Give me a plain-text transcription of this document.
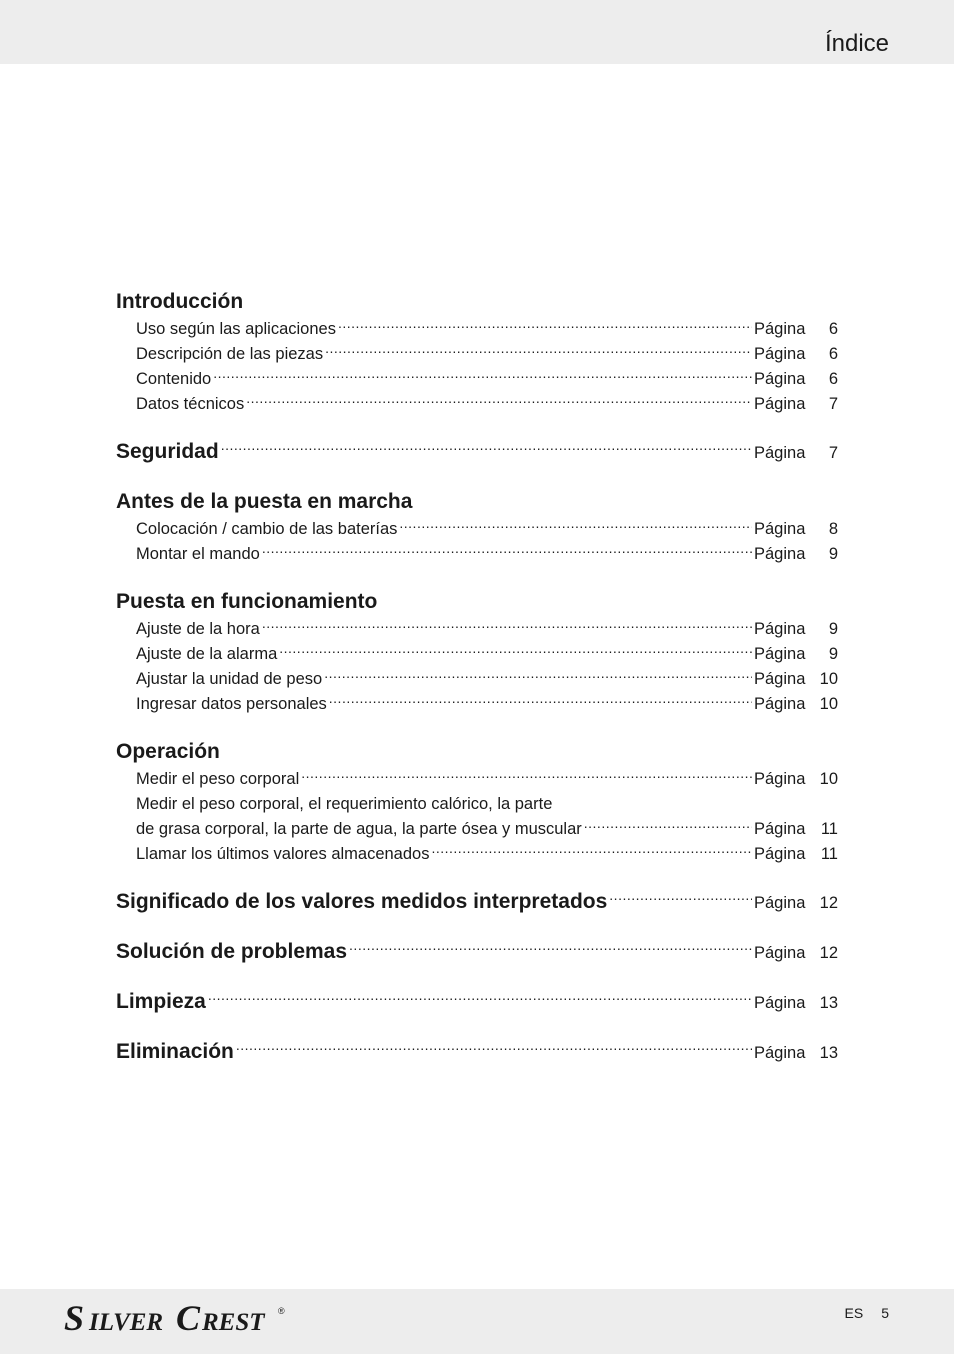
Índice
Introducción
Uso según las aplicaciones .....	Página	6
Descripción de las piezas .....	Página	6
Contenido .....	Página	6
Datos técnicos .....	Página	7
Seguridad .....	Página	7
Antes de la puesta en marcha
Colocación / cambio de las baterías .....	Página	8
Montar el mando .....	Página	9
Puesta en funcionamiento
Ajuste de la hora .....	Página	9
Ajuste de la alarma .....	Página	9
Ajustar la unidad de peso .....	Página 10
Ingresar datos personales .....	Página 10
Operación
Medir el peso corporal .....	Página 10
Medir el peso corporal, el requerimiento calórico, la parte
de grasa corporal, la parte de agua, la parte ósea y muscular .....	Página 11
Llamar los últimos valores almacenados .....	Página 11
Significado de los valores medidos interpretados .....	Página 12
Solución de problemas .....	Página 12
Limpieza .....	Página 13
Eliminación .....	Página 13
S ILVER C REST ®	ES 5
